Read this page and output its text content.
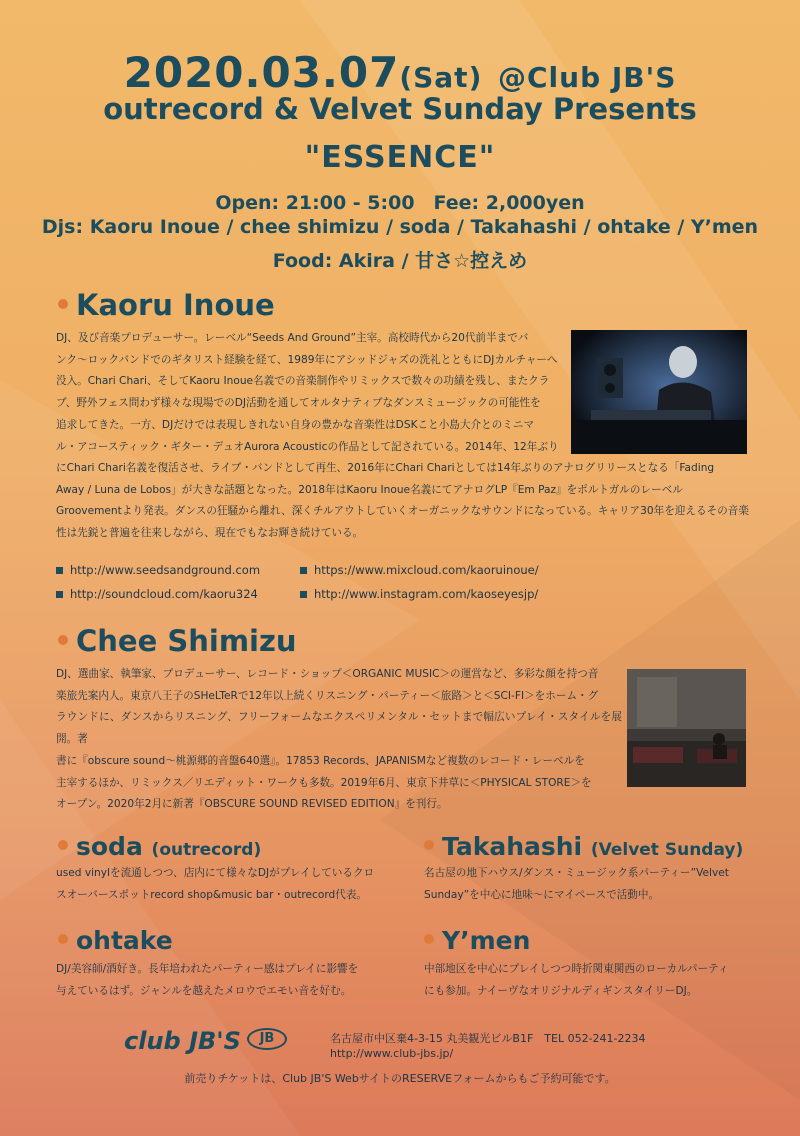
2020.03.07(Sat) @Club JB'S
outrecord & Velvet Sunday Presents
"ESSENCE"
Open: 21:00 - 5:00　Fee: 2,000yen
Djs: Kaoru Inoue / chee shimizu / soda / Takahashi / ohtake / Y’men
Food: Akira / 甘さ☆控えめ
Kaoru Inoue
DJ、及び音楽プロデューサー。レーベル“Seeds And Ground”主宰。高校時代から20代前半までバ
ンク〜ロックバンドでのギタリスト経験を経て、1989年にアシッドジャズの洗礼とともにDJカルチャーへ
没入。Chari Chari、そしてKaoru Inoue名義での音楽制作やリミックスで数々の功績を残し、またクラ
ブ、野外フェス問わず様々な現場でのDJ活動を通してオルタナティブなダンスミュージックの可能性を
追求してきた。一方、DJだけでは表現しきれない自身の豊かな音楽性はDSKこと小島大介とのミニマ
ル・アコースティック・ギター・デュオAurora Acousticの作品として記されている。2014年、12年ぶり
にChari Chari名義を復活させ、ライブ・バンドとして再生、2016年にChari Chariとしては14年ぶりのアナログリリースとなる「Fading
Away / Luna de Lobos」が大きな話題となった。2018年はKaoru Inoue名義にてアナログLP『Em Paz』をポルトガルのレーベル
Groovementより発表。ダンスの狂騒から離れ、深くチルアウトしていくオーガニックなサウンドになっている。キャリア30年を迎えるその音楽
性は先鋭と普遍を往来しながら、現在でもなお輝き続けている。
http://www.seedsandground.com	https://www.mixcloud.com/kaoruinoue/
http://soundcloud.com/kaoru324	http://www.instagram.com/kaoseyesjp/
Chee Shimizu
DJ、選曲家、執筆家、プロデューサー、レコード・ショップ＜ORGANIC MUSIC＞の運営など、多彩な顔を持つ音
楽旅先案内人。東京八王子のSHeLTeRで12年以上続くリスニング・パーティー＜旅路＞と＜SCI-FI＞をホーム・グ
ラウンドに、ダンスからリスニング、フリーフォームなエクスペリメンタル・セットまで幅広いプレイ・スタイルを展開。著
書に『obscure sound〜桃源郷的音盤640選』。17853 Records、JAPANISMなど複数のレコード・レーベルを
主宰するほか、リミックス／リエディット・ワークも多数。2019年6月、東京下井草に＜PHYSICAL STORE＞を
オープン。2020年2月に新著『OBSCURE SOUND REVISED EDITION』を刊行。
soda (outrecord)
used vinylを流通しつつ、店内にて様々なDJがプレイしているクロ
スオーバースポットrecord shop&music bar・outrecord代表。
Takahashi (Velvet Sunday)
名古屋の地下ハウス/ダンス・ミュージック系パーティー”Velvet
Sunday”を中心に地味〜にマイペースで活動中。
ohtake
DJ/美容師/酒好き。長年培われたパーティー感はプレイに影響を
与えているはず。ジャンルを越えたメロウでエモい音を好む。
Y’men
中部地区を中心にプレイしつつ時折関東関西のローカルパーティ
にも参加。ナイーヴなオリジナルディギンスタイリーDJ。
club JB'S JB	名古屋市中区棄4-3-15 丸美観光ビルB1F　TEL 052-241-2234
http://www.club-jbs.jp/
前売りチケットは、Club JB'S WebサイトのRESERVEフォームからもご予約可能です。
